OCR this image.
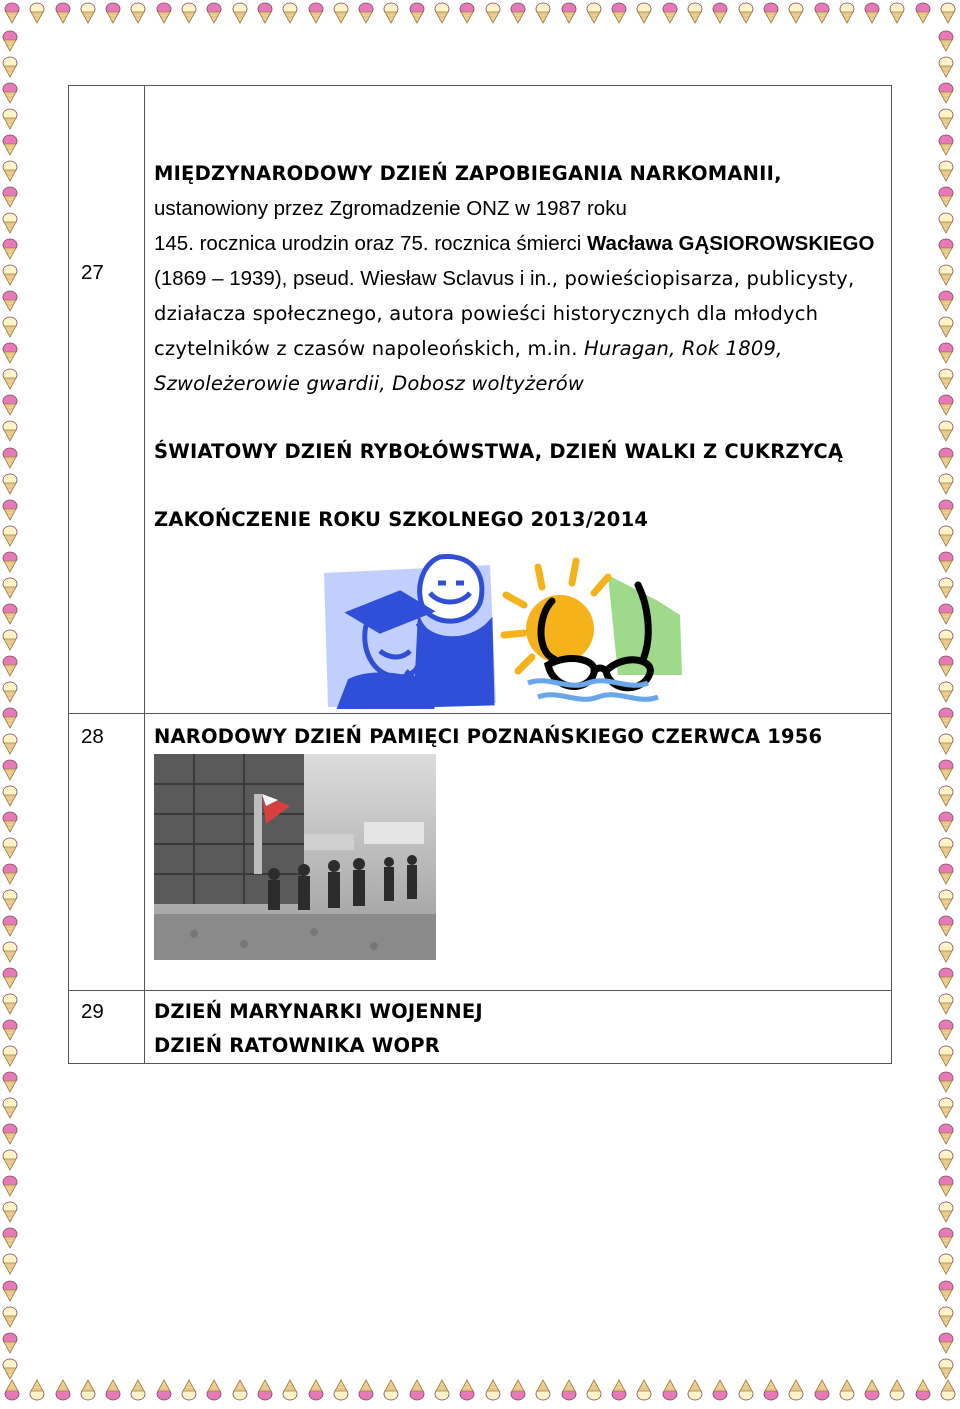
27	MIĘDZYNARODOWY DZIEŃ ZAPOBIEGANIA NARKOMANII, ustanowiony przez Zgromadzenie ONZ w 1987 roku
145. rocznica urodzin oraz 75. rocznica śmierci Wacława GĄSIOROWSKIEGO (1869 – 1939), pseud. Wiesław Sclavus i in., powieściopisarza, publicysty, działacza społecznego, autora powieści historycznych dla młodych czytelników z czasów napoleońskich, m.in. Huragan, Rok 1809, Szwoleżerowie gwardii, Dobosz woltyżerów
ŚWIATOWY DZIEŃ RYBOŁÓWSTWA, DZIEŃ WALKI Z CUKRZYCĄ
ZAKOŃCZENIE ROKU SZKOLNEGO 2013/2014

28	NARODOWY DZIEŃ PAMIĘCI POZNAŃSKIEGO CZERWCA 1956

29	DZIEŃ MARYNARKI WOJENNEJ
DZIEŃ RATOWNIKA WOPR
